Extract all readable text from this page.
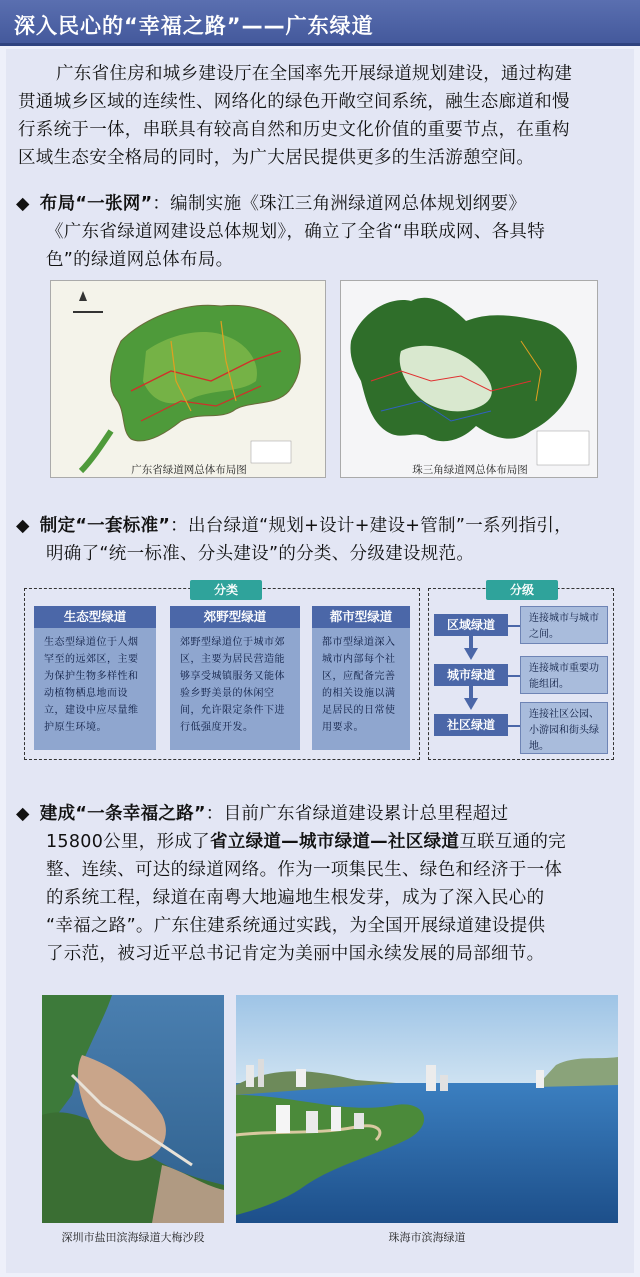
深入民心的“幸福之路”——广东绿道
广东省住房和城乡建设厅在全国率先开展绿道规划建设，通过构建
贯通城乡区域的连续性、网络化的绿色开敞空间系统，融生态廊道和慢
行系统于一体，串联具有较高自然和历史文化价值的重要节点，在重构
区域生态安全格局的同时，为广大居民提供更多的生活游憩空间。
◆ 布局“一张网”：编制实施《珠江三角洲绿道网总体规划纲要》
《广东省绿道网建设总体规划》，确立了全省“串联成网、各具特
色”的绿道网总体布局。
广东省绿道网总体布局图	珠三角绿道网总体布局图
◆ 制定“一套标准”：出台绿道“规划+设计+建设+管制”一系列指引，
明确了“统一标准、分头建设”的分类、分级建设规范。
分类
生态型绿道
生态型绿道位于人烟罕至的远郊区，主要为保护生物多样性和动植物栖息地而设立，建设中应尽量维护原生环境。
郊野型绿道
郊野型绿道位于城市郊区，主要为居民营造能够享受城镇服务又能体验乡野美景的休闲空间，允许限定条件下进行低强度开发。
都市型绿道
都市型绿道深入城市内部每个社区，应配备完善的相关设施以满足居民的日常使用要求。
分级
区域绿道	连接城市与城市之间。
城市绿道	连接城市重要功能组团。
社区绿道
连接社区公园、小游园和街头绿地。
◆ 建成“一条幸福之路”：目前广东省绿道建设累计总里程超过
15800公里，形成了省立绿道—城市绿道—社区绿道互联互通的完
整、连续、可达的绿道网络。作为一项集民生、绿色和经济于一体
的系统工程，绿道在南粤大地遍地生根发芽，成为了深入民心的
“幸福之路”。广东住建系统通过实践，为全国开展绿道建设提供
了示范，被习近平总书记肯定为美丽中国永续发展的局部细节。
深圳市盐田滨海绿道大梅沙段	珠海市滨海绿道
